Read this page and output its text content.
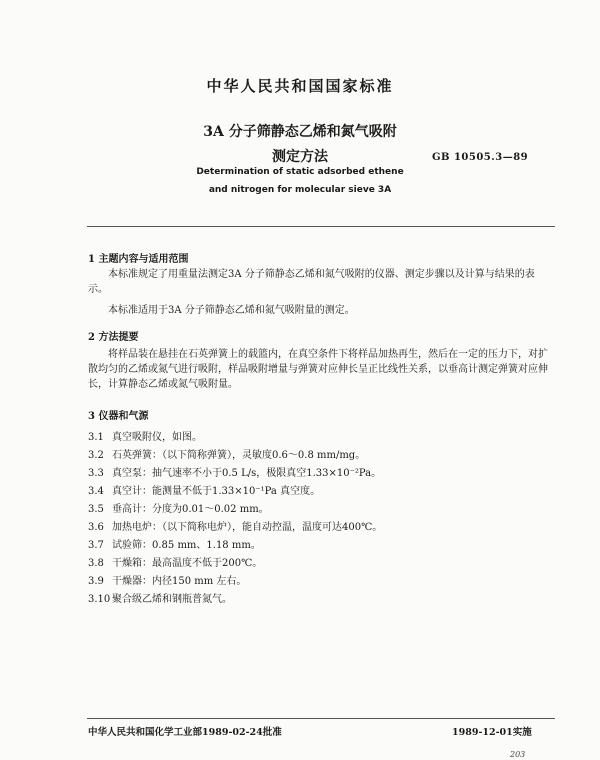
中华人民共和国国家标准
3A 分子筛静态乙烯和氮气吸附
测定方法	GB 10505.3—89
Determination of static adsorbed ethene
and nitrogen for molecular sieve 3A
1 主题内容与适用范围
本标准规定了用重量法测定3A 分子筛静态乙烯和氮气吸附的仪器、测定步骤以及计算与结果的表示。
本标准适用于3A 分子筛静态乙烯和氮气吸附量的测定。
2 方法提要
将样品装在悬挂在石英弹簧上的载篮内，在真空条件下将样品加热再生，然后在一定的压力下，对扩散均匀的乙烯或氮气进行吸附，样品吸附增量与弹簧对应伸长呈正比线性关系，以垂高计测定弹簧对应伸长，计算静态乙烯或氮气吸附量。
3 仪器和气源
3.1 真空吸附仪，如图。
3.2 石英弹簧：（以下简称弹簧），灵敏度0.6～0.8 mm/mg。
3.3 真空泵：抽气速率不小于0.5 L/s，极限真空1.33×10⁻²Pa。
3.4 真空计：能测量不低于1.33×10⁻¹Pa 真空度。
3.5 垂高计：分度为0.01～0.02 mm。
3.6 加热电炉：（以下简称电炉），能自动控温，温度可达400℃。
3.7 试验筛：0.85 mm、1.18 mm。
3.8 干燥箱：最高温度不低于200℃。
3.9 干燥器：内径150 mm 左右。
3.10 聚合级乙烯和钢瓶普氮气。
中华人民共和国化学工业部1989-02-24批准	1989-12-01实施
203
